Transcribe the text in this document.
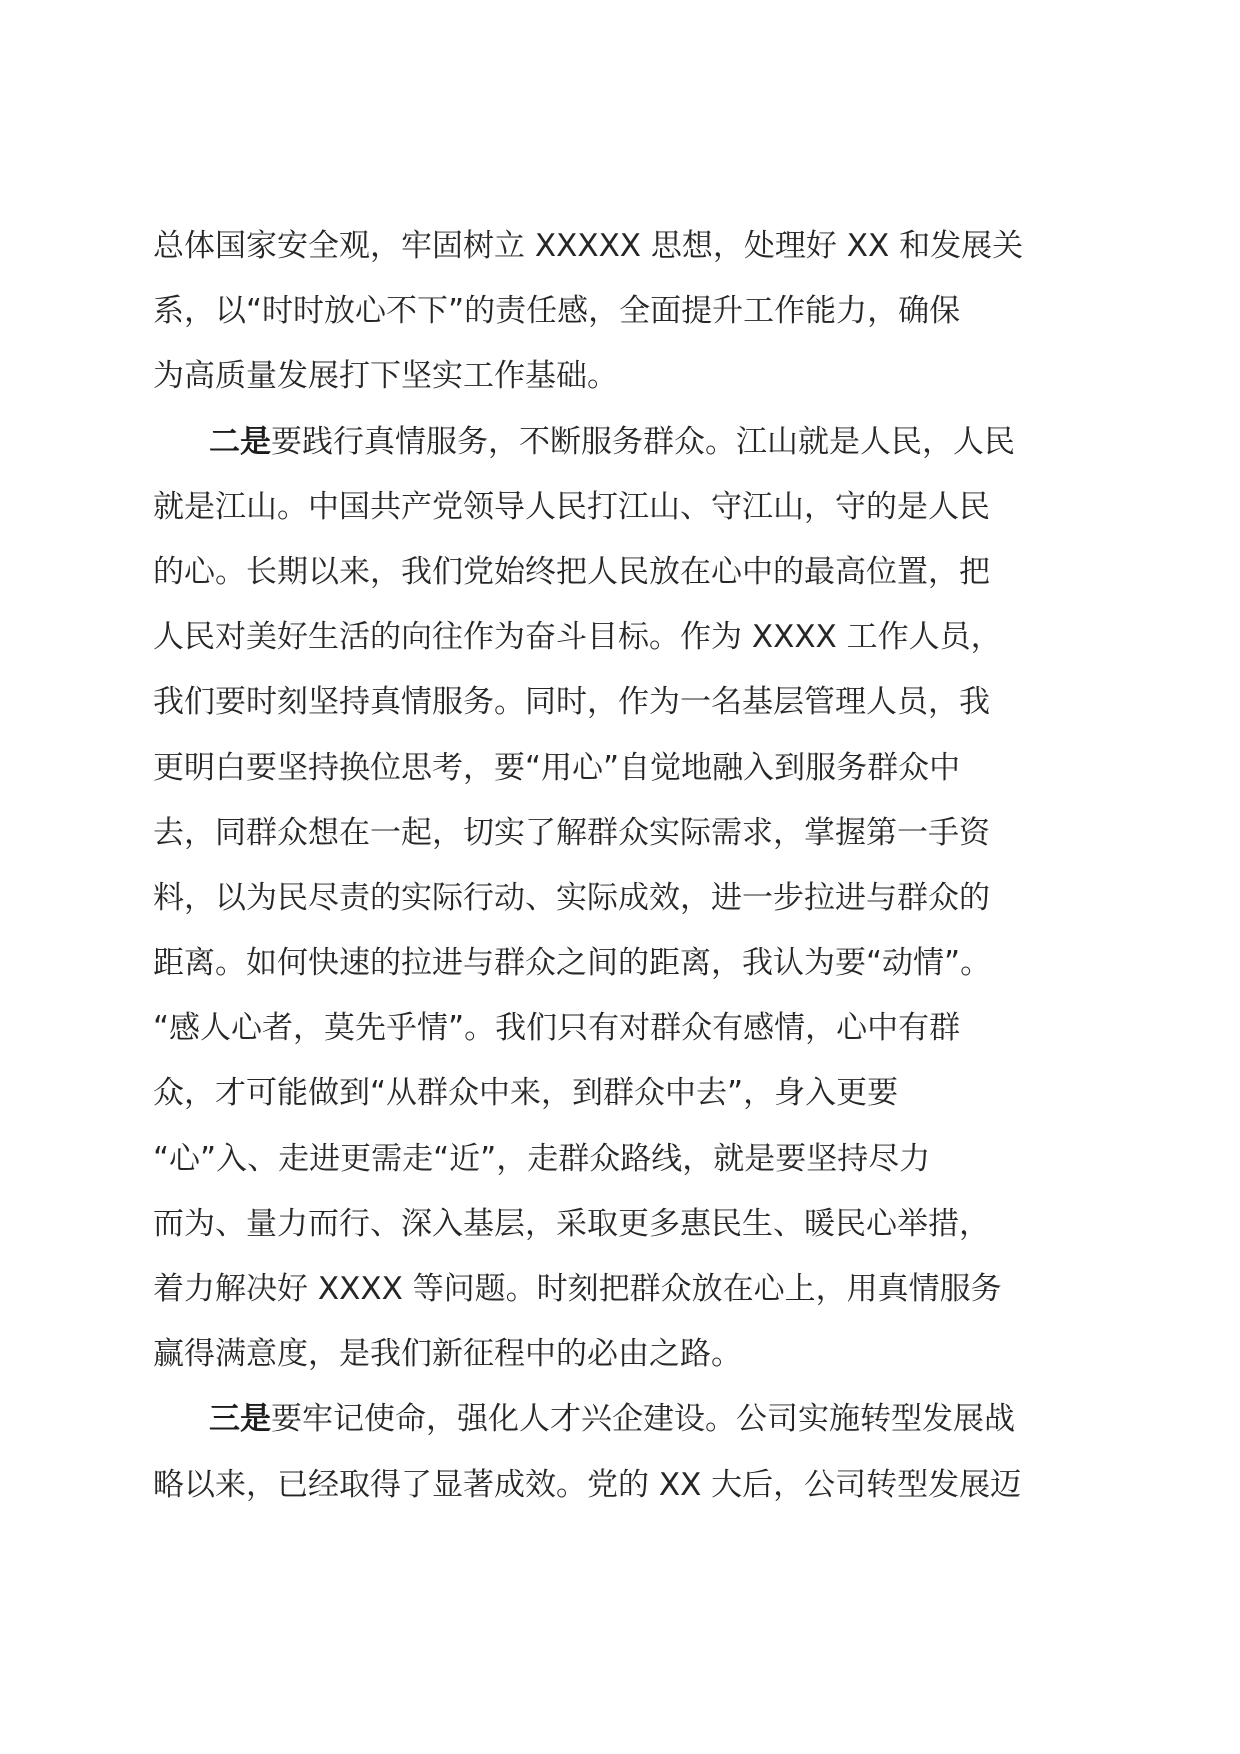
总体国家安全观，牢固树立 XXXXX 思想，处理好 XX 和发展关
系，以“时时放心不下”的责任感，全面提升工作能力，确保
为高质量发展打下坚实工作基础。
二是要践行真情服务，不断服务群众。江山就是人民，人民
就是江山。中国共产党领导人民打江山、守江山，守的是人民
的心。长期以来，我们党始终把人民放在心中的最高位置，把
人民对美好生活的向往作为奋斗目标。作为 XXXX 工作人员，
我们要时刻坚持真情服务。同时，作为一名基层管理人员，我
更明白要坚持换位思考，要“用心”自觉地融入到服务群众中
去，同群众想在一起，切实了解群众实际需求，掌握第一手资
料，以为民尽责的实际行动、实际成效，进一步拉进与群众的
距离。如何快速的拉进与群众之间的距离，我认为要“动情”。
“感人心者，莫先乎情”。我们只有对群众有感情，心中有群
众，才可能做到“从群众中来，到群众中去”，身入更要
“心”入、走进更需走“近”，走群众路线，就是要坚持尽力
而为、量力而行、深入基层，采取更多惠民生、暖民心举措，
着力解决好 XXXX 等问题。时刻把群众放在心上，用真情服务
赢得满意度，是我们新征程中的必由之路。
三是要牢记使命，强化人才兴企建设。公司实施转型发展战
略以来，已经取得了显著成效。党的 XX 大后，公司转型发展迈
